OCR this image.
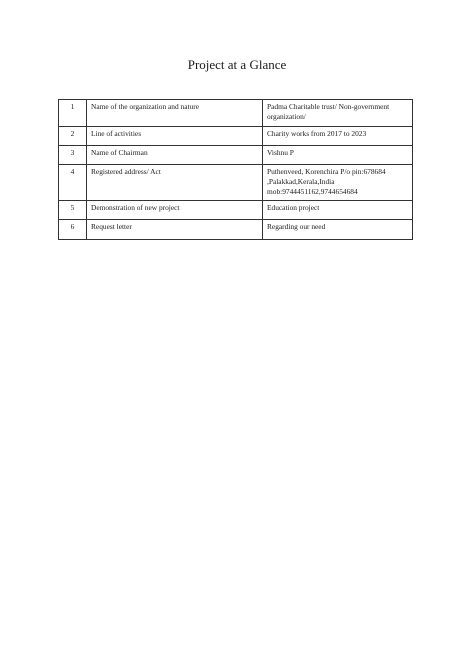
Project at a Glance
1	Name of the organization and nature	Padma Charitable trust/ Non-government organization/
2	Line of activities	Charity works from 2017 to 2023
3	Name of Chairman	Vishnu P
4	Registered address/ Act	Puthenveed, Korenchira P/o pin:678684 ,Palakkad,Kerala,India mob:9744451162,9744654684
5	Demonstration of new project	Education project
6	Request letter	Regarding our need
